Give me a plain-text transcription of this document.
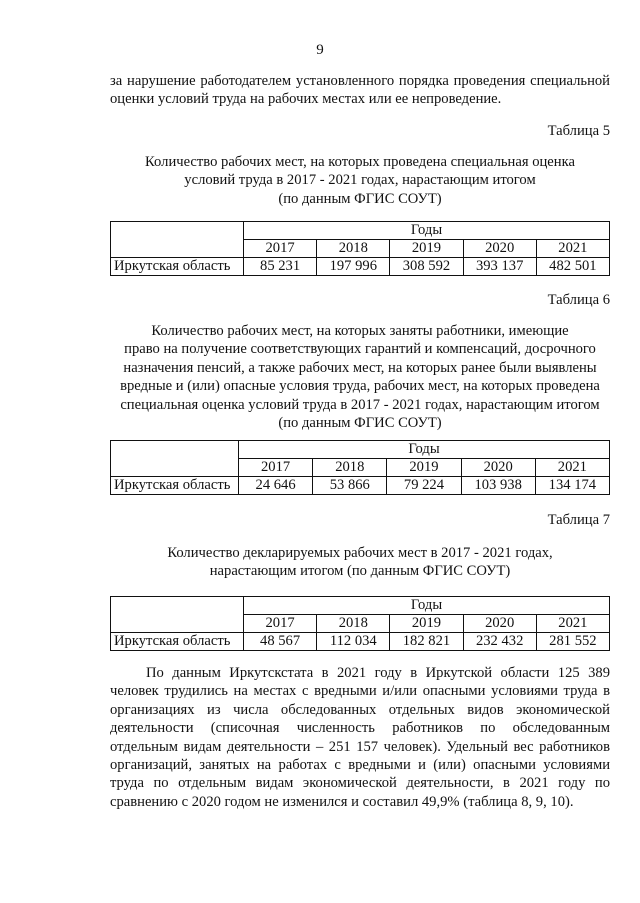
9
за нарушение работодателем установленного порядка проведения специальной
оценки условий труда на рабочих местах или ее непроведение.
Таблица 5
Количество рабочих мест, на которых проведена специальная оценка
условий труда в 2017 - 2021 годах, нарастающим итогом
(по данным ФГИС СОУТ)
	Годы				
	2017	2018	2019	2020	2021
Иркутская область	85 231	197 996	308 592	393 137	482 501
Таблица 6
Количество рабочих мест, на которых заняты работники, имеющие
право на получение соответствующих гарантий и компенсаций, досрочного
назначения пенсий, а также рабочих мест, на которых ранее были выявлены
вредные и (или) опасные условия труда, рабочих мест, на которых проведена
специальная оценка условий труда в 2017 - 2021 годах, нарастающим итогом
(по данным ФГИС СОУТ)
	Годы				
	2017	2018	2019	2020	2021
Иркутская область	24 646	53 866	79 224	103 938	134 174
Таблица 7
Количество декларируемых рабочих мест в 2017 - 2021 годах,
нарастающим итогом (по данным ФГИС СОУТ)
	Годы				
	2017	2018	2019	2020	2021
Иркутская область	48 567	112 034	182 821	232 432	281 552
По данным Иркутскстата в 2021 году в Иркутской области 125 389 человек трудились на местах с вредными и/или опасными условиями труда в организациях из числа обследованных отдельных видов экономической деятельности (списочная численность работников по обследованным отдельным видам деятельности – 251 157 человек). Удельный вес работников организаций, занятых на работах с вредными и (или) опасными условиями труда по отдельным видам экономической деятельности, в 2021 году по сравнению с 2020 годом не изменился и составил 49,9% (таблица 8, 9, 10).
